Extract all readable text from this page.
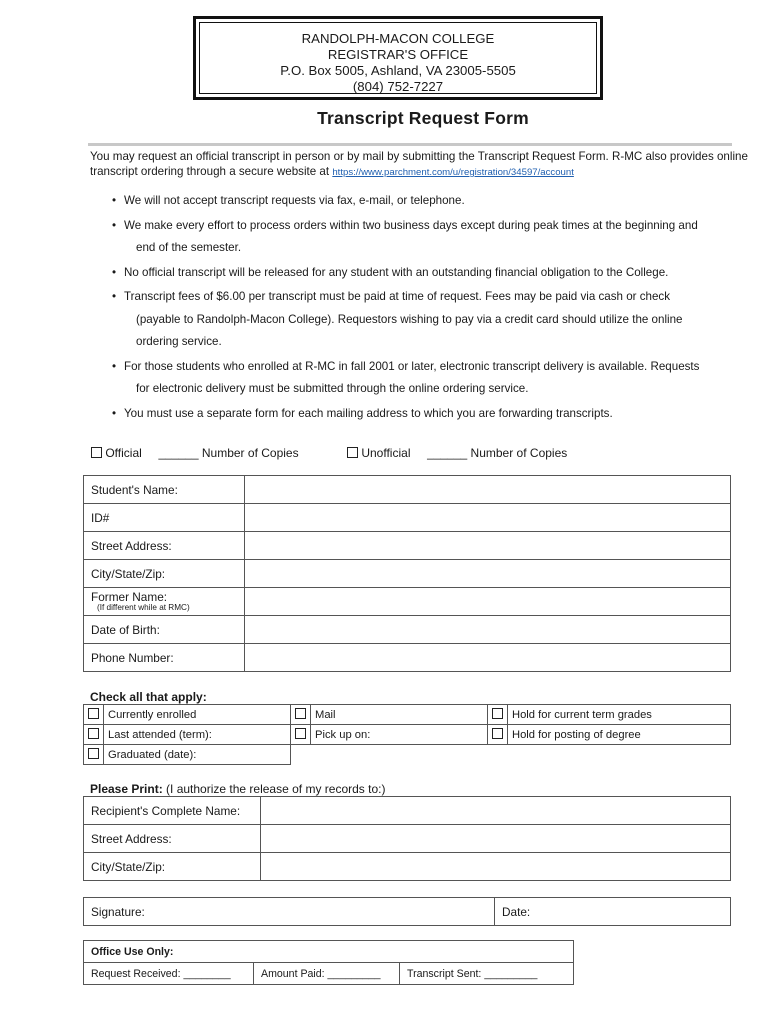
RANDOLPH-MACON COLLEGE
REGISTRAR'S OFFICE
P.O. Box 5005, Ashland, VA 23005-5505
(804) 752-7227
Transcript Request Form
You may request an official transcript in person or by mail by submitting the Transcript Request Form. R-MC also provides online transcript ordering through a secure website at https://www.parchment.com/u/registration/34597/account
• We will not accept transcript requests via fax, e-mail, or telephone.
• We make every effort to process orders within two business days except during peak times at the beginning and
end of the semester.
• No official transcript will be released for any student with an outstanding financial obligation to the College.
• Transcript fees of $6.00 per transcript must be paid at time of request. Fees may be paid via cash or check
(payable to Randolph-Macon College). Requestors wishing to pay via a credit card should utilize the online
ordering service.
• For those students who enrolled at R-MC in fall 2001 or later, electronic transcript delivery is available. Requests
for electronic delivery must be submitted through the online ordering service.
• You must use a separate form for each mailing address to which you are forwarding transcripts.
Official ______ Number of Copies	Unofficial ______ Number of Copies
Student's Name:	
ID#	
Street Address:	
City/State/Zip:	
Former Name:
(If different while at RMC)	

Date of Birth:	
Phone Number:	
Check all that apply:
	Currently enrolled		Mail		Hold for current term grades
	Last attended (term):		Pick up on:		Hold for posting of degree
	Graduated (date):				
Please Print: (I authorize the release of my records to:)
Recipient's Complete Name:	
Street Address:	
City/State/Zip:	
Signature:	Date:
Office Use Only:
Request Received: ________	Amount Paid: _________	Transcript Sent: _________
